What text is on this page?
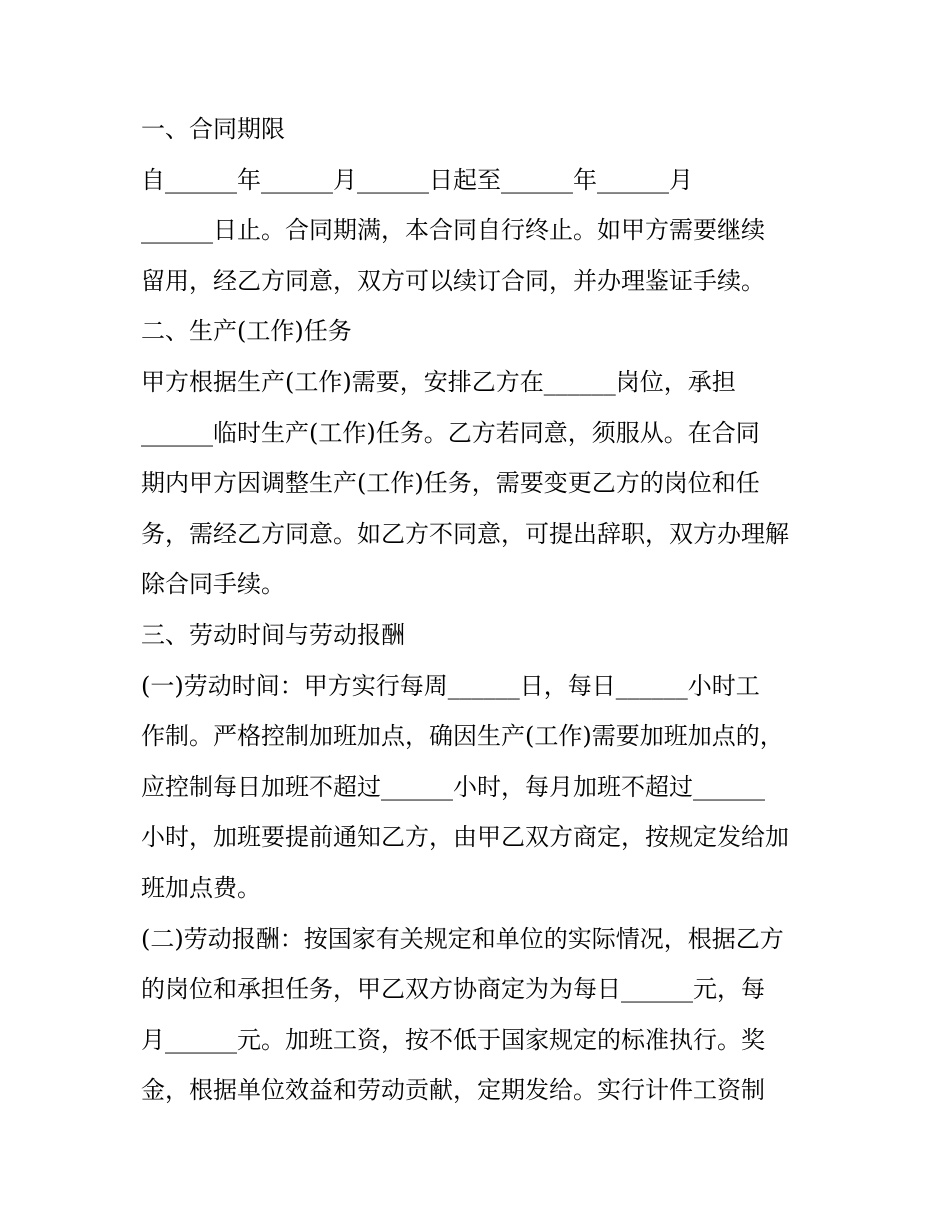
一、合同期限
自______年______月______日起至______年______月
______日止。合同期满，本合同自行终止。如甲方需要继续
留用，经乙方同意，双方可以续订合同，并办理鉴证手续。
二、生产(工作)任务
甲方根据生产(工作)需要，安排乙方在______岗位，承担
______临时生产(工作)任务。乙方若同意，须服从。在合同
期内甲方因调整生产(工作)任务，需要变更乙方的岗位和任
务，需经乙方同意。如乙方不同意，可提出辞职，双方办理解
除合同手续。
三、劳动时间与劳动报酬
(一)劳动时间：甲方实行每周______日，每日______小时工
作制。严格控制加班加点，确因生产(工作)需要加班加点的，
应控制每日加班不超过______小时，每月加班不超过______
小时，加班要提前通知乙方，由甲乙双方商定，按规定发给加
班加点费。
(二)劳动报酬：按国家有关规定和单位的实际情况，根据乙方
的岗位和承担任务，甲乙双方协商定为为每日______元，每
月______元。加班工资，按不低于国家规定的标准执行。奖
金，根据单位效益和劳动贡献，定期发给。实行计件工资制
